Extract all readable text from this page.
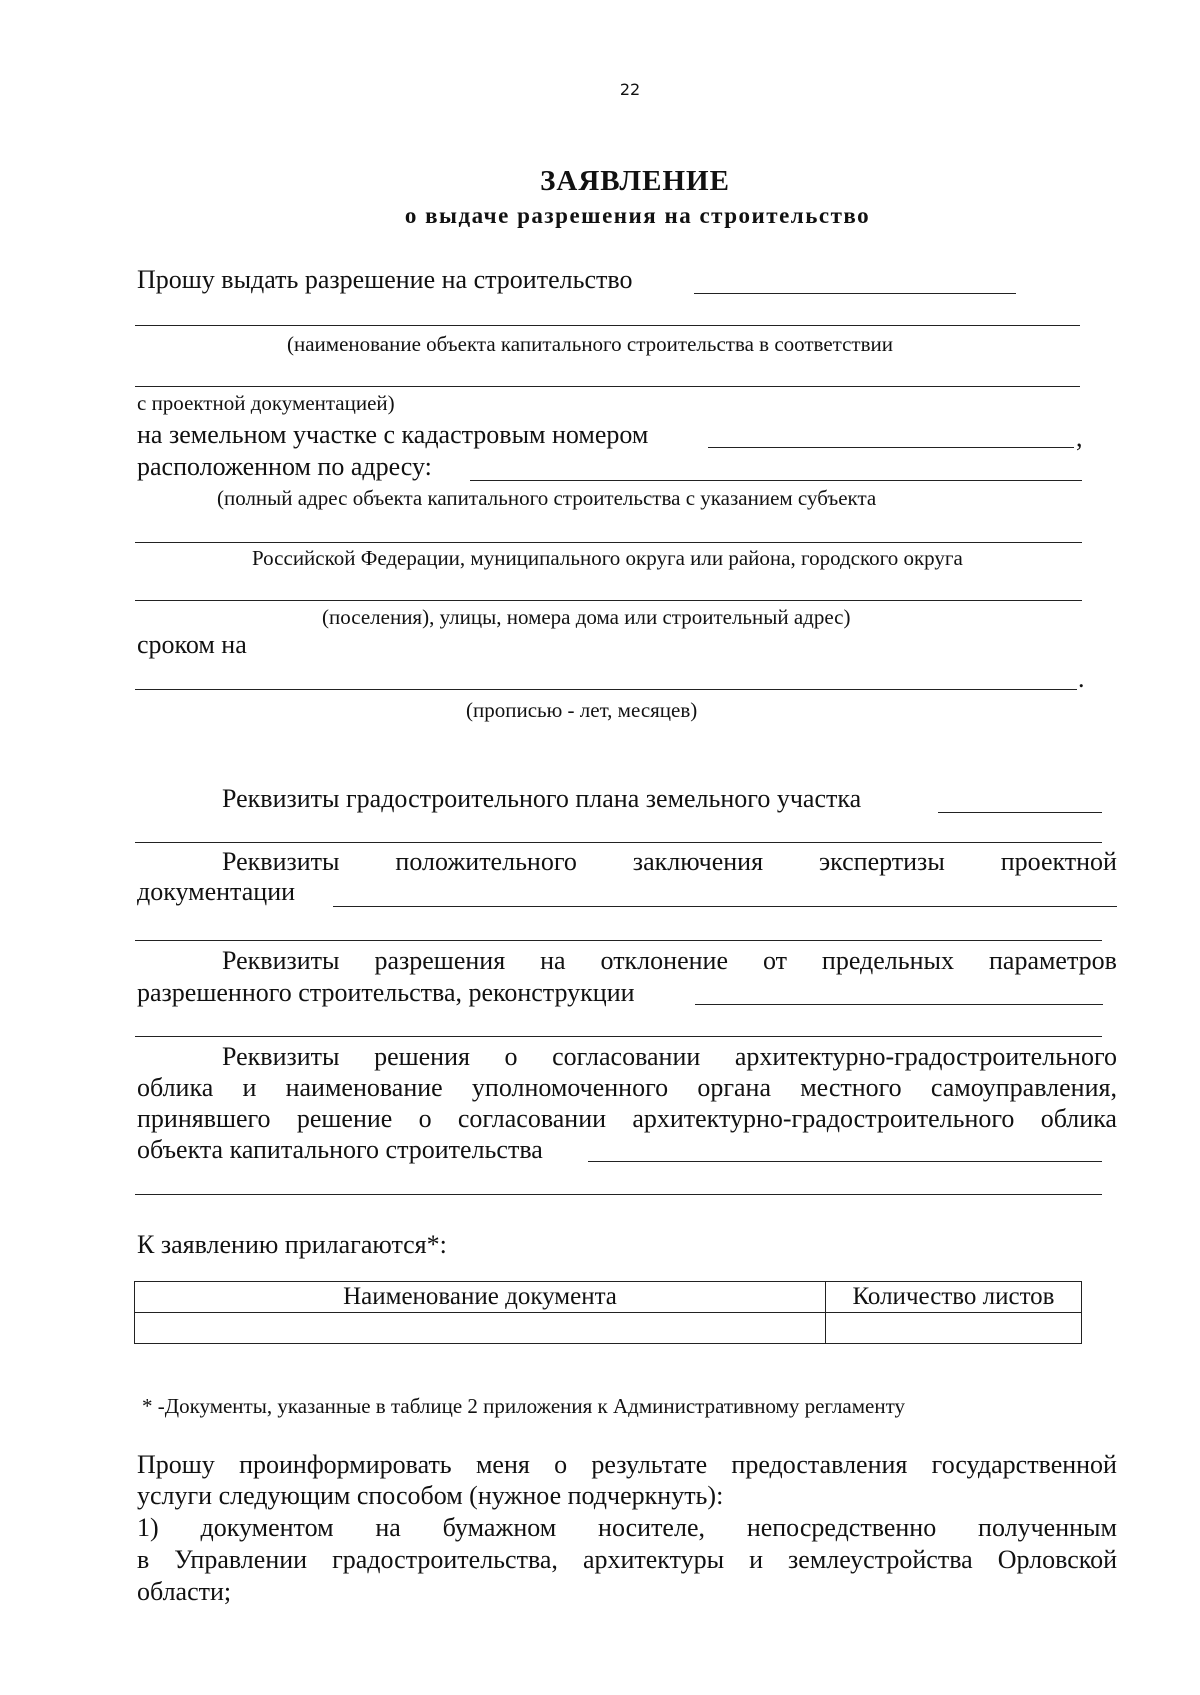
22
ЗАЯВЛЕНИЕ
о выдаче разрешения на строительство
Прошу выдать разрешение на строительство
(наименование объекта капитального строительства в соответствии
с проектной документацией)
на земельном участке с кадастровым номером	,
расположенном по адресу:
(полный адрес объекта капитального строительства с указанием субъекта
Российской Федерации, муниципального округа или района, городского округа
(поселения), улицы, номера дома или строительный адрес)
сроком на
.
(прописью - лет, месяцев)
Реквизиты градостроительного плана земельного участка
Реквизиты положительного заключения экспертизы проектной
документации
Реквизиты разрешения на отклонение от предельных параметров
разрешенного строительства, реконструкции
Реквизиты решения о согласовании архитектурно-градостроительного
облика и наименование уполномоченного органа местного самоуправления,
принявшего решение о согласовании архитектурно-градостроительного облика
объекта капитального строительства
К заявлению прилагаются*:
Наименование документа	Количество листов

* -Документы, указанные в таблице 2 приложения к Административному регламенту
Прошу проинформировать меня о результате предоставления государственной
услуги следующим способом (нужное подчеркнуть):
1) документом на бумажном носителе, непосредственно полученным
в Управлении градостроительства, архитектуры и землеустройства Орловской
области;
